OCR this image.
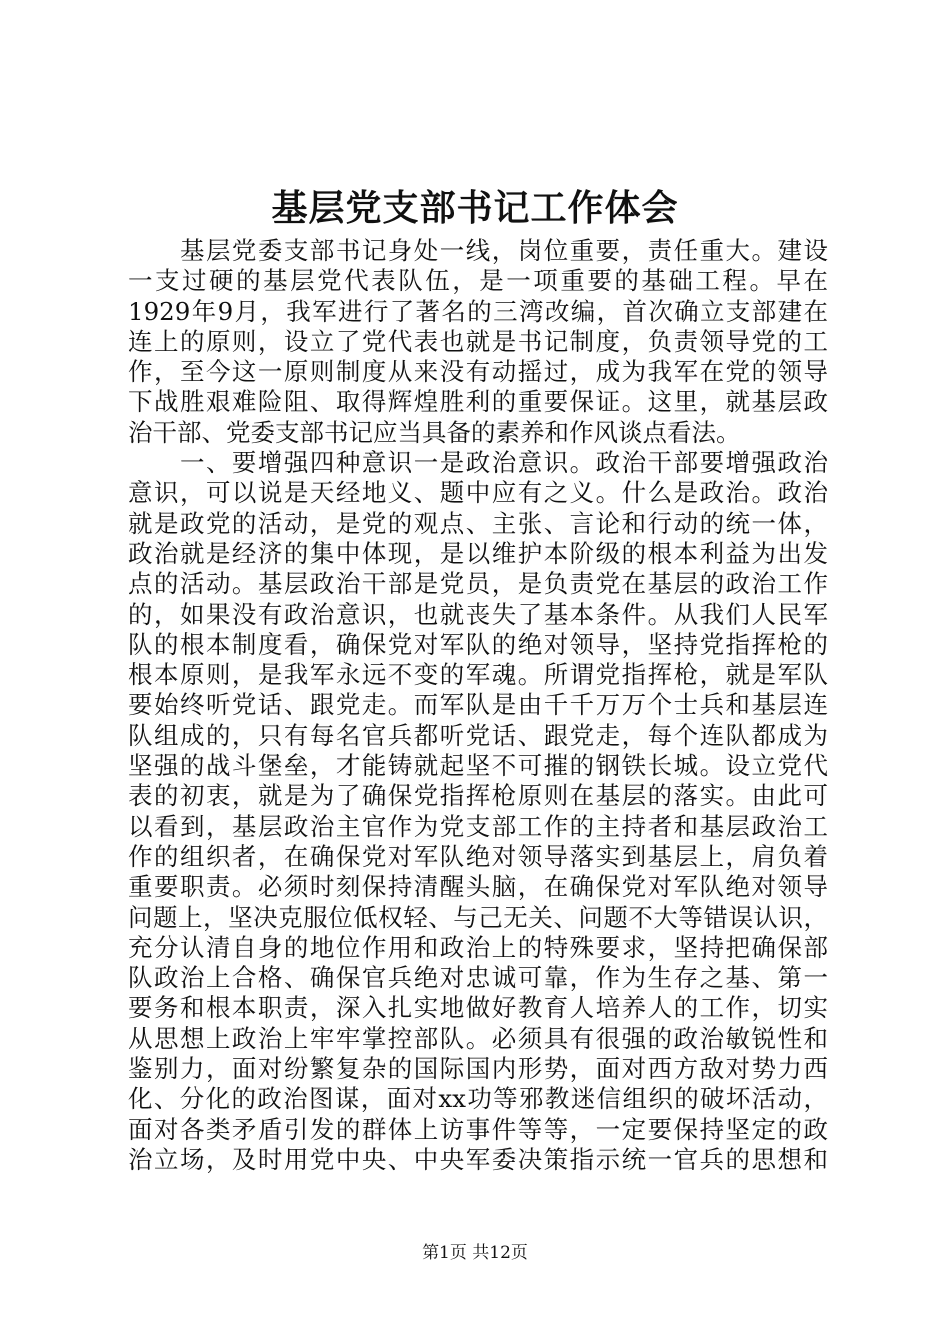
基层党支部书记工作体会
　　基层党委支部书记身处一线，岗位重要，责任重大。建设
一支过硬的基层党代表队伍，是一项重要的基础工程。早在
1929年9月，我军进行了著名的三湾改编，首次确立支部建在
连上的原则，设立了党代表也就是书记制度，负责领导党的工
作，至今这一原则制度从来没有动摇过，成为我军在党的领导
下战胜艰难险阻、取得辉煌胜利的重要保证。这里，就基层政
治干部、党委支部书记应当具备的素养和作风谈点看法。
　　一、要增强四种意识一是政治意识。政治干部要增强政治
意识，可以说是天经地义、题中应有之义。什么是政治。政治
就是政党的活动，是党的观点、主张、言论和行动的统一体，
政治就是经济的集中体现，是以维护本阶级的根本利益为出发
点的活动。基层政治干部是党员，是负责党在基层的政治工作
的，如果没有政治意识，也就丧失了基本条件。从我们人民军
队的根本制度看，确保党对军队的绝对领导，坚持党指挥枪的
根本原则，是我军永远不变的军魂。所谓党指挥枪，就是军队
要始终听党话、跟党走。而军队是由千千万万个士兵和基层连
队组成的，只有每名官兵都听党话、跟党走，每个连队都成为
坚强的战斗堡垒，才能铸就起坚不可摧的钢铁长城。设立党代
表的初衷，就是为了确保党指挥枪原则在基层的落实。由此可
以看到，基层政治主官作为党支部工作的主持者和基层政治工
作的组织者，在确保党对军队绝对领导落实到基层上，肩负着
重要职责。必须时刻保持清醒头脑，在确保党对军队绝对领导
问题上，坚决克服位低权轻、与己无关、问题不大等错误认识，
充分认清自身的地位作用和政治上的特殊要求，坚持把确保部
队政治上合格、确保官兵绝对忠诚可靠，作为生存之基、第一
要务和根本职责，深入扎实地做好教育人培养人的工作，切实
从思想上政治上牢牢掌控部队。必须具有很强的政治敏锐性和
鉴别力，面对纷繁复杂的国际国内形势，面对西方敌对势力西
化、分化的政治图谋，面对xx功等邪教迷信组织的破坏活动，
面对各类矛盾引发的群体上访事件等等，一定要保持坚定的政
治立场，及时用党中央、中央军委决策指示统一官兵的思想和
第1页 共12页
